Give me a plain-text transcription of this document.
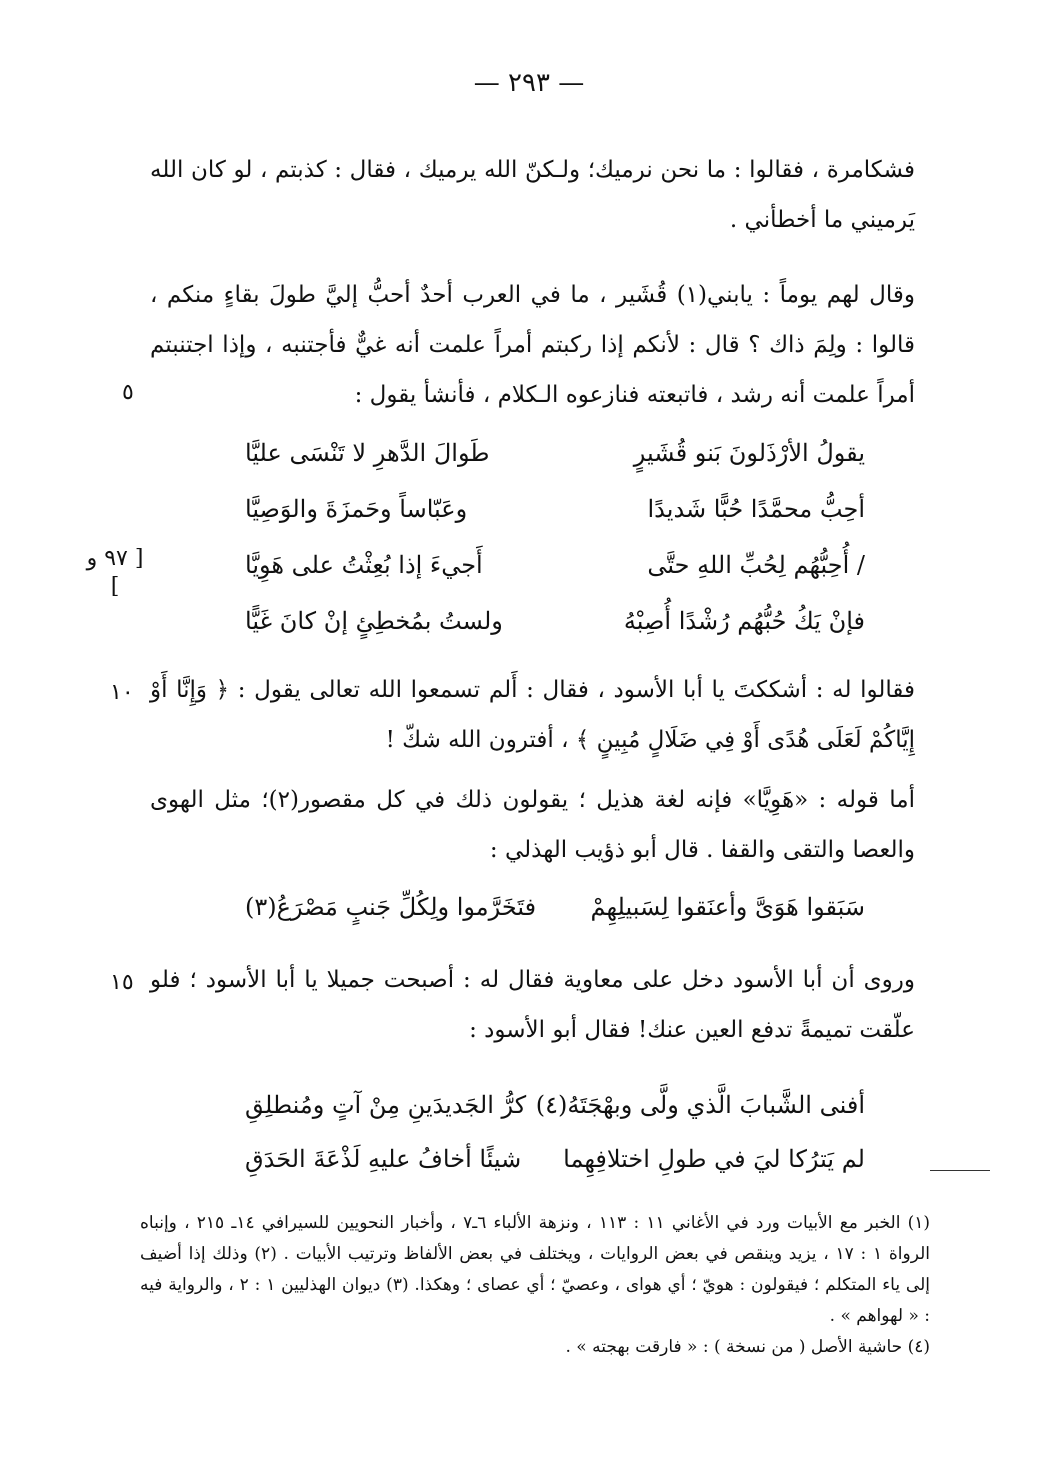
— ٢٩٣ —

فشكامرة ، فقالوا : ما نحن نرميك؛ ولـكنّ الله يرميك ، فقال : كذبتم ، لو كان الله يَرميني ما أخطأني .

وقال لهم يوماً : يابني(١) قُشَير ، ما في العرب أحدٌ أحبُّ إليَّ طولَ بقاءٍ منكم ، قالوا : ولِمَ ذاك ؟ قال : لأنكم إذا ركبتم أمراً علمت أنه غيٌّ فأجتنبه ، وإذا اجتنبتم أمراً علمت أنه رشد ، فاتبعته فنازعوه الـكلام ، فأنشأ يقول :

يقولُ الأرْذَلونَ بَنو قُشَيرٍ
طَوالَ الدَّهرِ لا تَنْسَى عليَّا
أحِبُّ محمَّدًا حُبًّا شَديدًا
وعَبّاساً وحَمزَةَ والوَصِيَّا
/ أُحِبُّهُم لِحُبِّ اللهِ حتَّى
أَجيءَ إذا بُعِثْتُ على هَوِيَّا
فإنْ يَكُ حُبُّهُم رُشْدًا أُصِبْهُ
ولستُ بمُخطِئٍ إنْ كانَ غَيًّا

فقالوا له : أشككتَ يا أبا الأسود ، فقال : أَلم تسمعوا الله تعالى يقول : ﴿ وَإِنَّا أَوْ إِيَّاكُمْ لَعَلَى هُدًى أَوْ فِي ضَلَالٍ مُبِينٍ ﴾ ، أفترون الله شكّ !

أما قوله : «هَوِيَّا» فإنه لغة هذيل ؛ يقولون ذلك في كل مقصور(٢)؛ مثل الهوى والعصا والتقى والقفا . قال أبو ذؤيب الهذلي :

سَبَقوا هَوَىَّ وأعنَقوا لِسَبيلِهِمْ
فتَخَرَّموا ولِكُلِّ جَنبٍ مَصْرَعُ(٣)

وروى أن أبا الأسود دخل على معاوية فقال له : أصبحت جميلا يا أبا الأسود ؛ فلو علّقت تميمةً تدفع العين عنك! فقال أبو الأسود :

أفنى الشَّبابَ الَّذي ولَّى وبهْجَتَهُ(٤)
كرُّ الجَديدَينِ مِنْ آتٍ ومُنطلِقِ
لم يَترُكا ليَ في طولِ اختلافِهِما
شيئًا أخافُ عليهِ لَذْعَةَ الحَدَقِ
٥
[ ٩٧ و ]
١٠
١٥

(١) الخبر مع الأبيات ورد في الأغاني ١١ : ١١٣ ، ونزهة الألباء ٦ـ٧ ، وأخبار النحويين للسيرافي ١٤ـ ٢١٥ ، وإنباه الرواة ١ : ١٧ ، يزيد وينقص في بعض الروايات ، ويختلف في بعض الألفاظ وترتيب الأبيات . (٢) وذلك إذا أضيف إلى ياء المتكلم ؛ فيقولون : هويّ ؛ أي هواى ، وعصيّ ؛ أي عصاى ؛ وهكذا. (٣) ديوان الهذليين ١ : ٢ ، والرواية فيه : « لهواهم » .

(٤) حاشية الأصل ( من نسخة ) : « فارقت بهجته » .
